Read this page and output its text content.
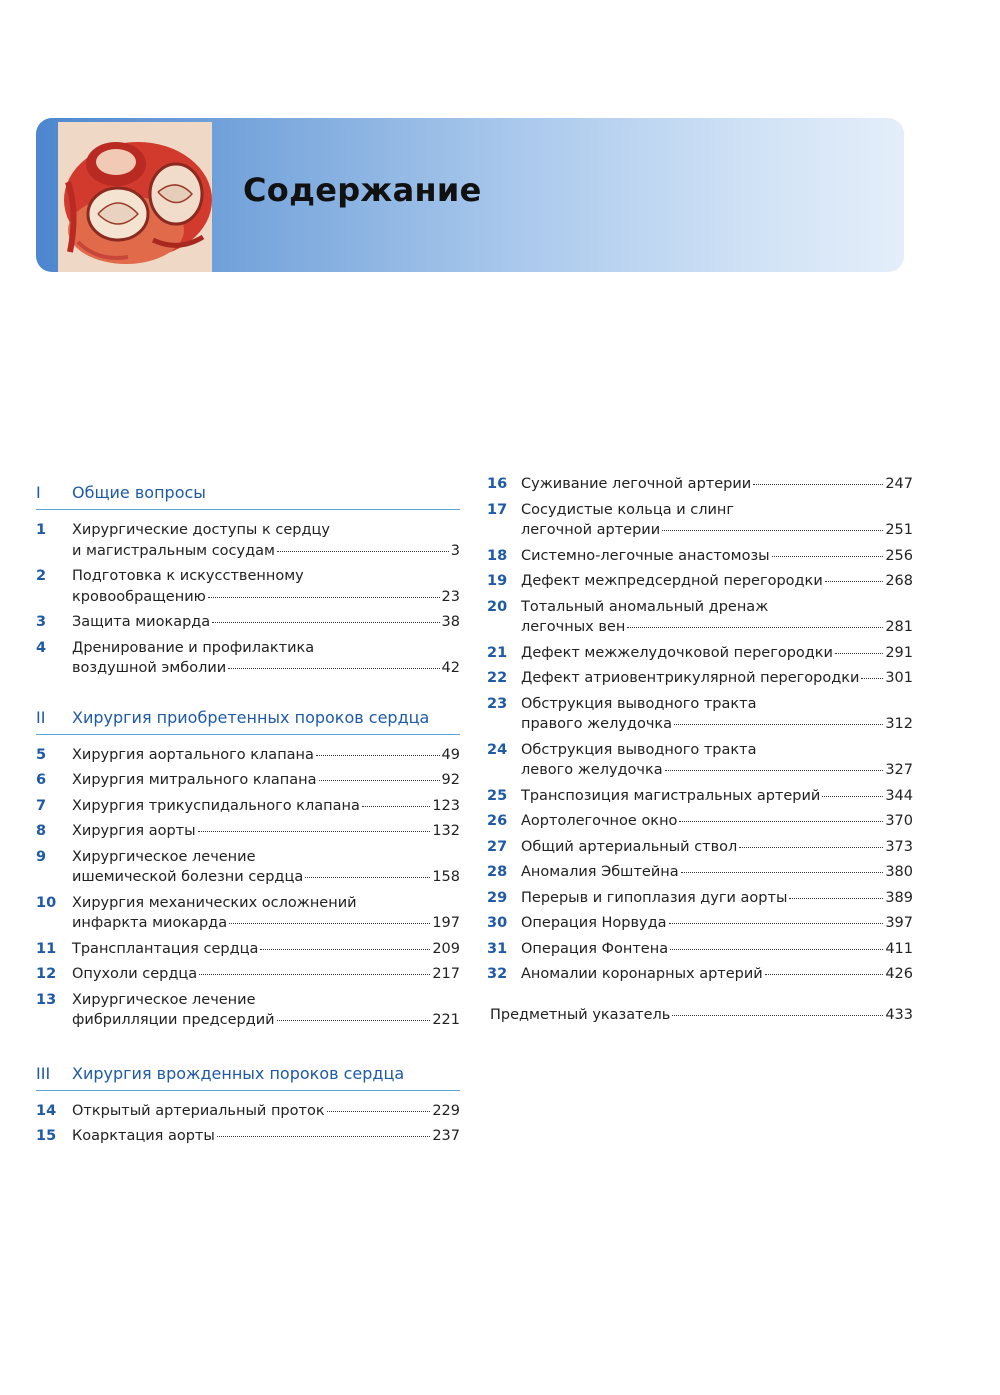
Содержание
I Общие вопросы
1 Хирургические доступы к сердцу
и магистральным сосудам	3
2 Подготовка к искусственному
кровообращению	23
3 Защита миокарда	38
4 Дренирование и профилактика
воздушной эмболии	42
II Хирургия приобретенных пороков сердца
5 Хирургия аортального клапана	49
6 Хирургия митрального клапана	92
7 Хирургия трикуспидального клапана	123
8 Хирургия аорты	132
9 Хирургическое лечение
ишемической болезни сердца	158
10 Хирургия механических осложнений
инфаркта миокарда	197
11 Трансплантация сердца	209
12 Опухоли сердца	217
13 Хирургическое лечение
фибрилляции предсердий	221
III Хирургия врожденных пороков сердца
14 Открытый артериальный проток	229
15 Коарктация аорты	237
16 Суживание легочной артерии	247
17 Сосудистые кольца и слинг
легочной артерии	251
18 Системно-легочные анастомозы	256
19 Дефект межпредсердной перегородки	268
20 Тотальный аномальный дренаж
легочных вен	281
21 Дефект межжелудочковой перегородки	291
22 Дефект атриовентрикулярной перегородки 301
23 Обструкция выводного тракта
правого желудочка	312
24 Обструкция выводного тракта
левого желудочка	327
25 Транспозиция магистральных артерий	344
26 Аортолегочное окно	370
27 Общий артериальный ствол	373
28 Аномалия Эбштейна	380
29 Перерыв и гипоплазия дуги аорты	389
30 Операция Норвуда	397
31 Операция Фонтена	411
32 Аномалии коронарных артерий	426
Предметный указатель	433
